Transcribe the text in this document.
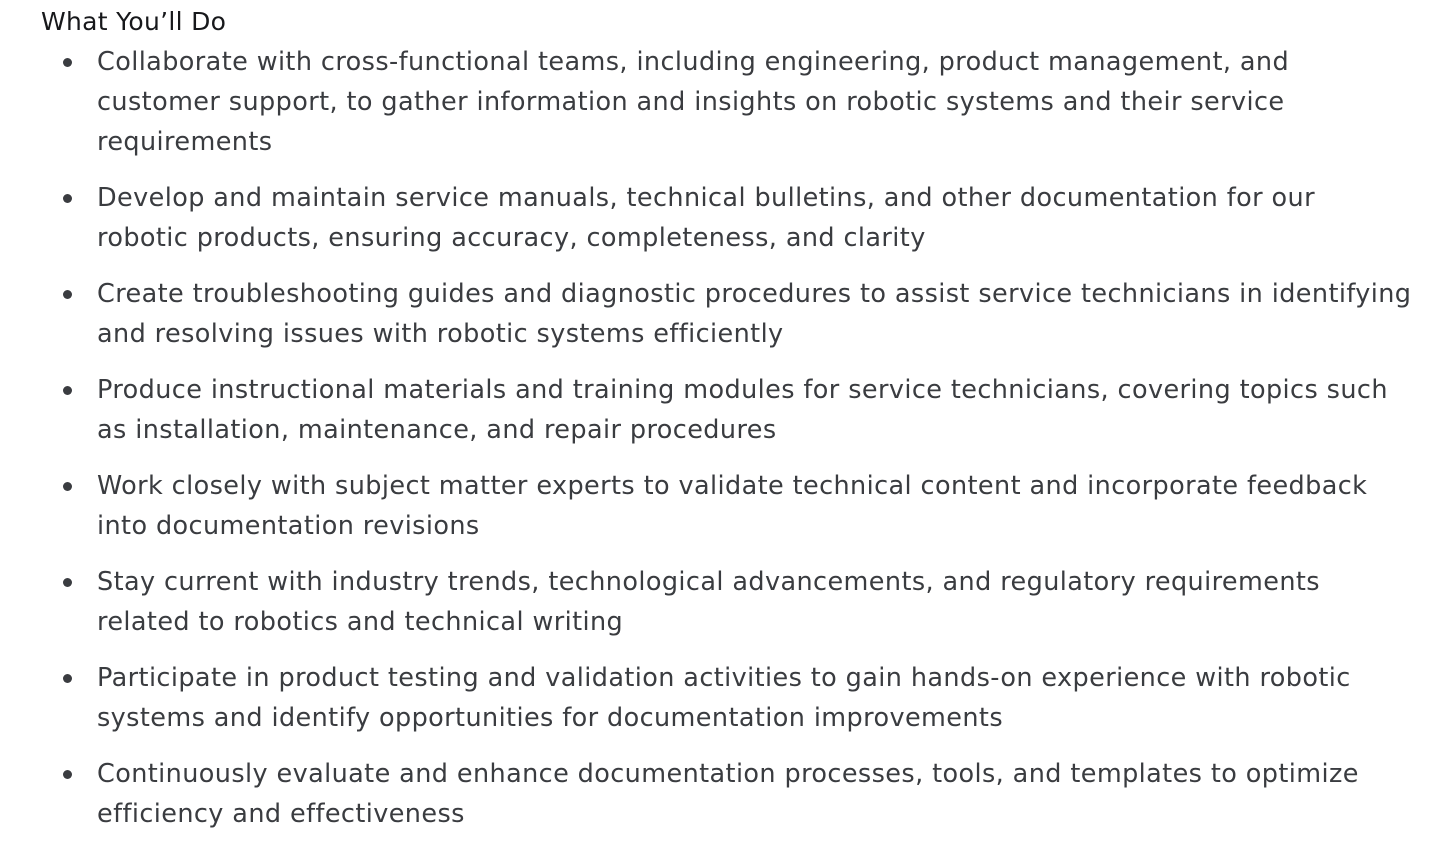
What You’ll Do
Collaborate with cross-functional teams, including engineering, product management, and customer support, to gather information and insights on robotic systems and their service requirements
Develop and maintain service manuals, technical bulletins, and other documentation for our robotic products, ensuring accuracy, completeness, and clarity
Create troubleshooting guides and diagnostic procedures to assist service technicians in identifying and resolving issues with robotic systems efficiently
Produce instructional materials and training modules for service technicians, covering topics such as installation, maintenance, and repair procedures
Work closely with subject matter experts to validate technical content and incorporate feedback into documentation revisions
Stay current with industry trends, technological advancements, and regulatory requirements related to robotics and technical writing
Participate in product testing and validation activities to gain hands-on experience with robotic systems and identify opportunities for documentation improvements
Continuously evaluate and enhance documentation processes, tools, and templates to optimize efficiency and effectiveness
